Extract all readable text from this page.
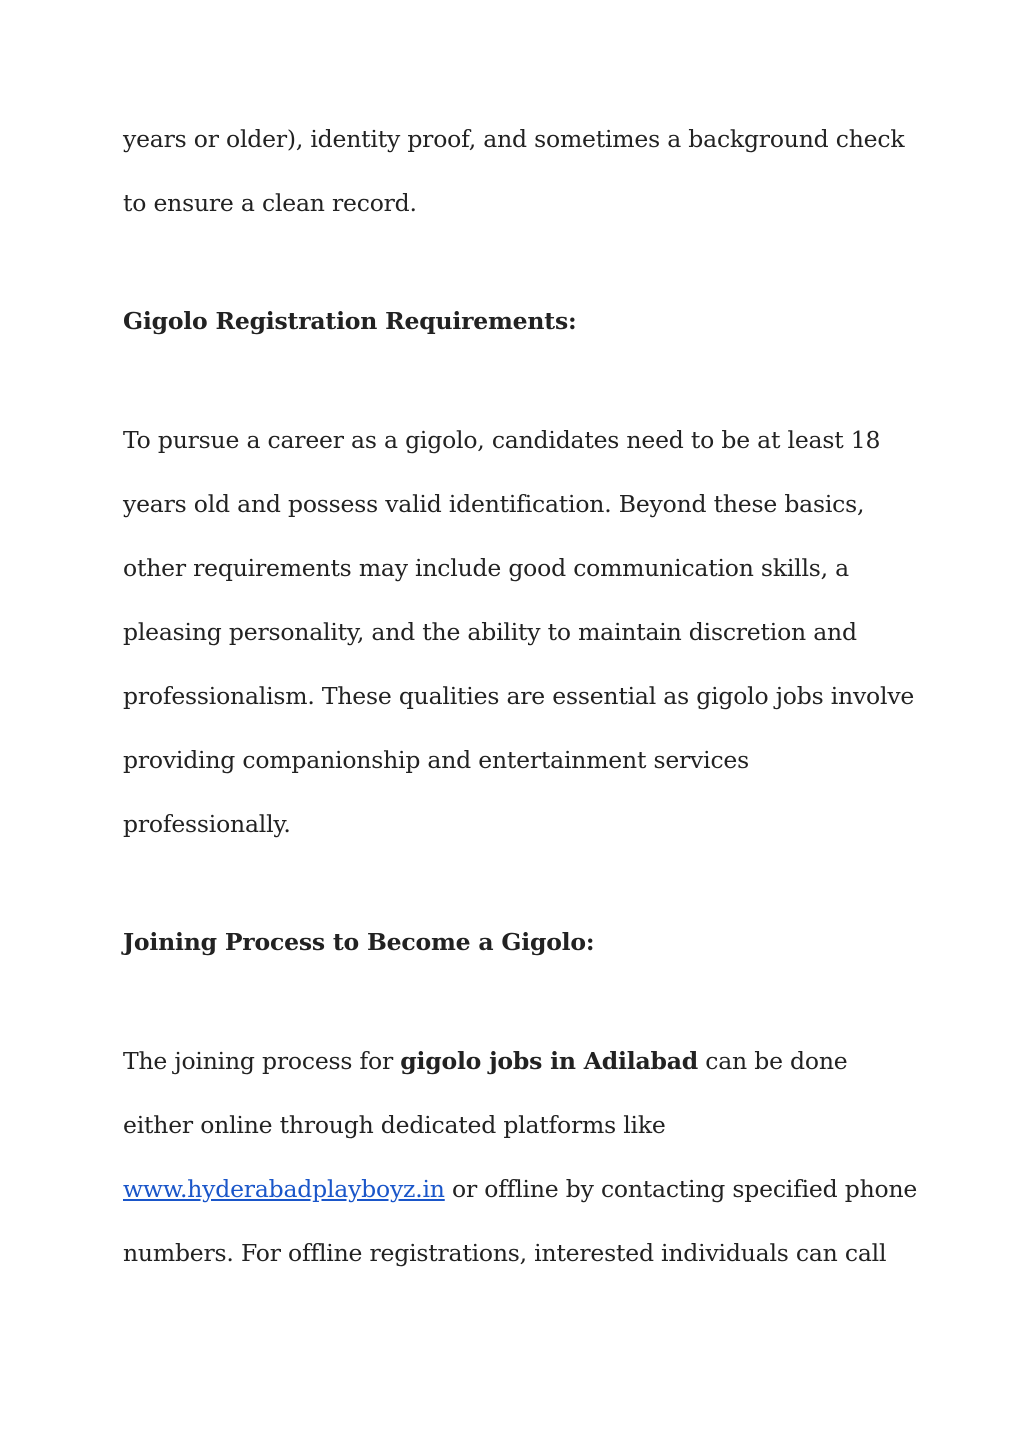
years or older), identity proof, and sometimes a background check
to ensure a clean record.
Gigolo Registration Requirements:
To pursue a career as a gigolo, candidates need to be at least 18
years old and possess valid identification. Beyond these basics,
other requirements may include good communication skills, a
pleasing personality, and the ability to maintain discretion and
professionalism. These qualities are essential as gigolo jobs involve
providing companionship and entertainment services
professionally.
Joining Process to Become a Gigolo:
The joining process for gigolo jobs in Adilabad can be done
either online through dedicated platforms like
www.hyderabadplayboyz.in or offline by contacting specified phone
numbers. For offline registrations, interested individuals can call
